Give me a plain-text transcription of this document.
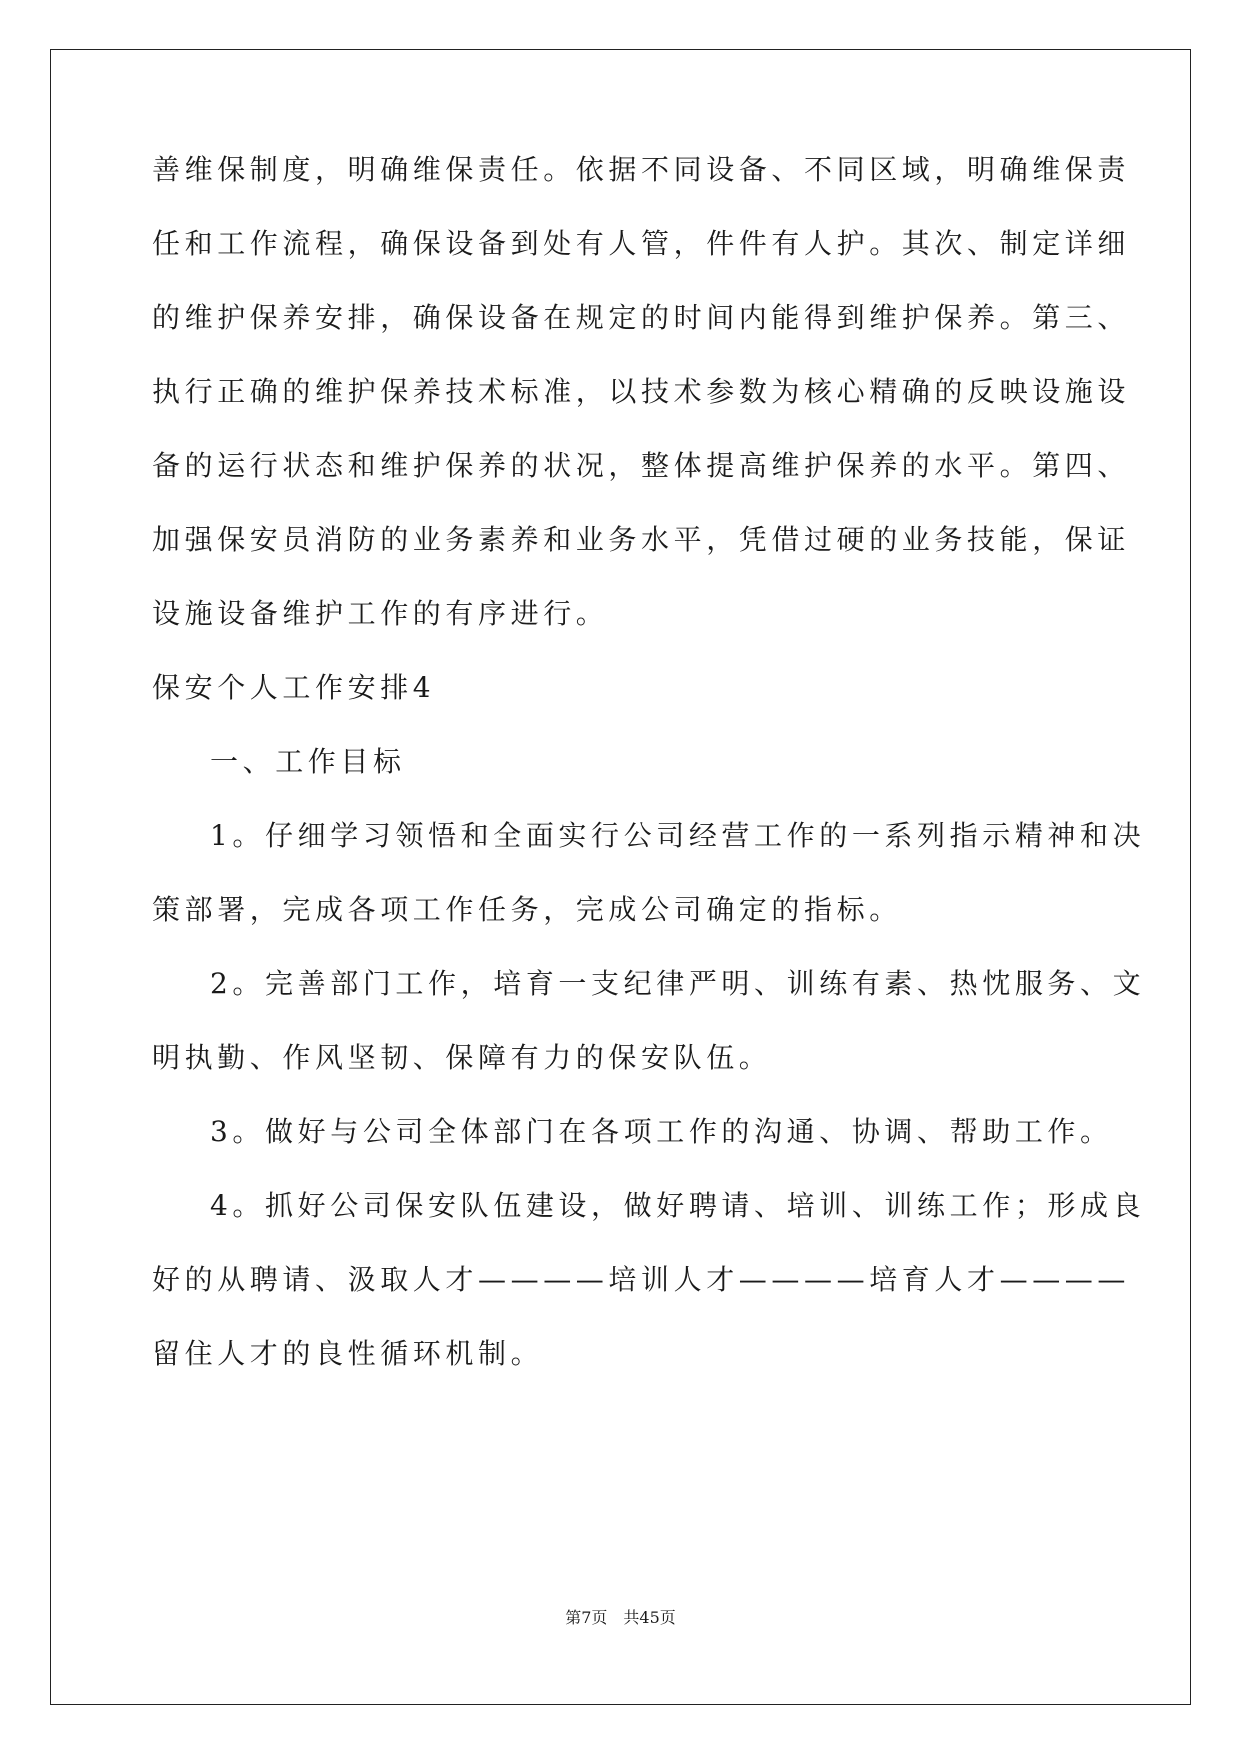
善维保制度，明确维保责任。依据不同设备、不同区域，明确维保责
任和工作流程，确保设备到处有人管，件件有人护。其次、制定详细
的维护保养安排，确保设备在规定的时间内能得到维护保养。第三、
执行正确的维护保养技术标准，以技术参数为核心精确的反映设施设
备的运行状态和维护保养的状况，整体提高维护保养的水平。第四、
加强保安员消防的业务素养和业务水平，凭借过硬的业务技能，保证
设施设备维护工作的有序进行。
保安个人工作安排4
一、工作目标
1。仔细学习领悟和全面实行公司经营工作的一系列指示精神和决
策部署，完成各项工作任务，完成公司确定的指标。
2。完善部门工作，培育一支纪律严明、训练有素、热忱服务、文
明执勤、作风坚韧、保障有力的保安队伍。
3。做好与公司全体部门在各项工作的沟通、协调、帮助工作。
4。抓好公司保安队伍建设，做好聘请、培训、训练工作；形成良
好的从聘请、汲取人才————培训人才————培育人才————
留住人才的良性循环机制。
第7页　共45页
